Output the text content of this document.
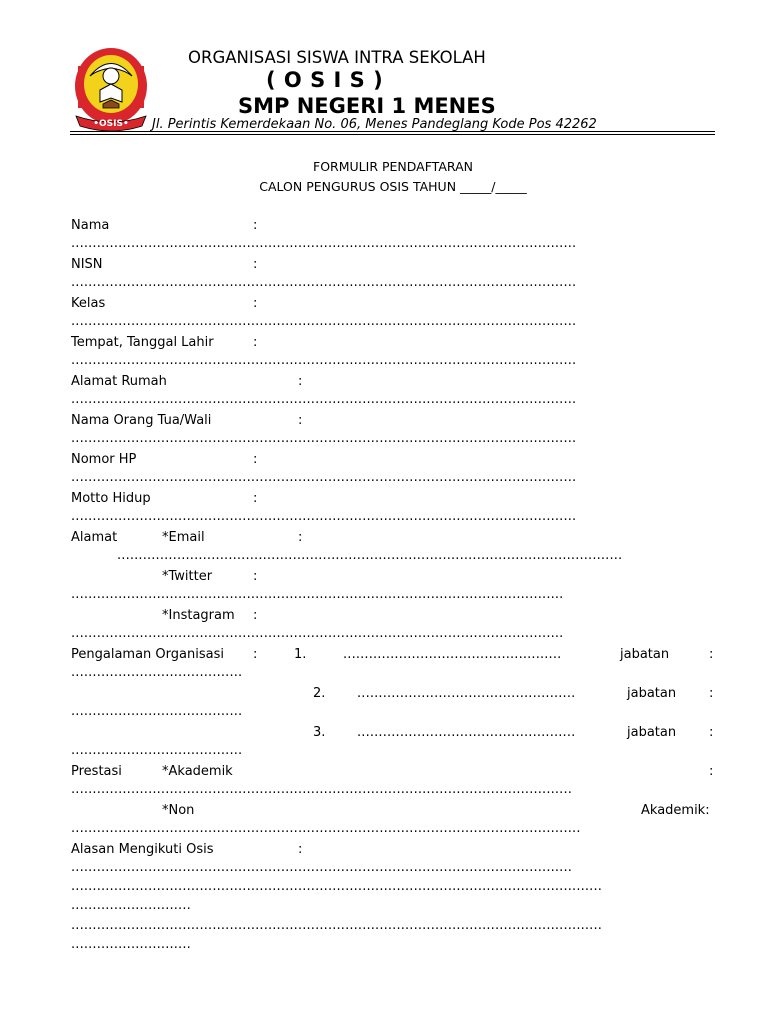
•OSIS•
ORGANISASI SISWA INTRA SEKOLAH
( O S I S )
SMP NEGERI 1 MENES
Jl. Perintis Kemerdekaan No. 06, Menes Pandeglang Kode Pos 42262
FORMULIR PENDAFTARAN
CALON PENGURUS OSIS TAHUN _____/_____
Nama	:
......................................................................................................................
NISN	:
......................................................................................................................
Kelas	:
......................................................................................................................
Tempat, Tanggal Lahir	:
......................................................................................................................
Alamat Rumah	:
......................................................................................................................
Nama Orang Tua/Wali	:
......................................................................................................................
Nomor HP	:
......................................................................................................................
Motto Hidup	:
......................................................................................................................
Alamat	*Email	:
......................................................................................................................
*Twitter	:
...................................................................................................................
*Instagram :
...................................................................................................................
Pengalaman Organisasi :	1.	...................................................	jabatan	:
........................................
2. ...................................................	jabatan	:
........................................
3. ...................................................	jabatan	:
........................................
Prestasi	*Akademik	:
.....................................................................................................................
*Non	Akademik:
.......................................................................................................................
Alasan Mengikuti Osis	:
.....................................................................................................................
............................................................................................................................
............................
............................................................................................................................
............................
